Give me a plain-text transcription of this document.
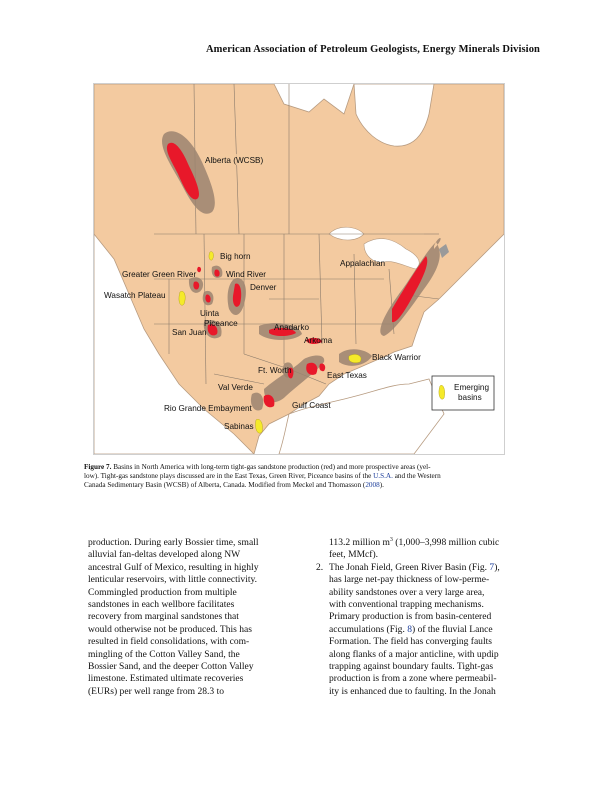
American Association of Petroleum Geologists, Energy Minerals Division
Alberta (WCSB)
Big horn
Greater Green River	Wind River
Wasatch Plateau
Denver
Uinta
Piceance
San Juan
Anadarko
Arkoma
Appalachian
Black Warrior
Ft. Worth
East Texas
Val Verde
Gulf Coast
Rio Grande Embayment
Sabinas
Emerging
basins
Figure 7. Basins in North America with long-term tight-gas sandstone production (red) and more prospective areas (yel-
low). Tight-gas sandstone plays discussed are in the East Texas, Green River, Piceance basins of the U.S.A. and the Western
Canada Sedimentary Basin (WCSB) of Alberta, Canada. Modified from Meckel and Thomasson (2008).

production. During early Bossier time, small

alluvial fan-deltas developed along NW

ancestral Gulf of Mexico, resulting in highly

lenticular reservoirs, with little connectivity.

Commingled production from multiple

sandstones in each wellbore facilitates

recovery from marginal sandstones that

would otherwise not be produced. This has

resulted in field consolidations, with com-

mingling of the Cotton Valley Sand, the

Bossier Sand, and the deeper Cotton Valley

limestone. Estimated ultimate recoveries

(EURs) per well range from 28.3 to

113.2 million $m^3$ (1,000–3,998 million cubic

feet, MMcf).

2. The Jonah Field, Green River Basin (Fig. 7),

has large net-pay thickness of low-perme-

ability sandstones over a very large area,

with conventional trapping mechanisms.

Primary production is from basin-centered

accumulations (Fig. 8) of the fluvial Lance

Formation. The field has converging faults

along flanks of a major anticline, with updip

trapping against boundary faults. Tight-gas

production is from a zone where permeabil-

ity is enhanced due to faulting. In the Jonah
